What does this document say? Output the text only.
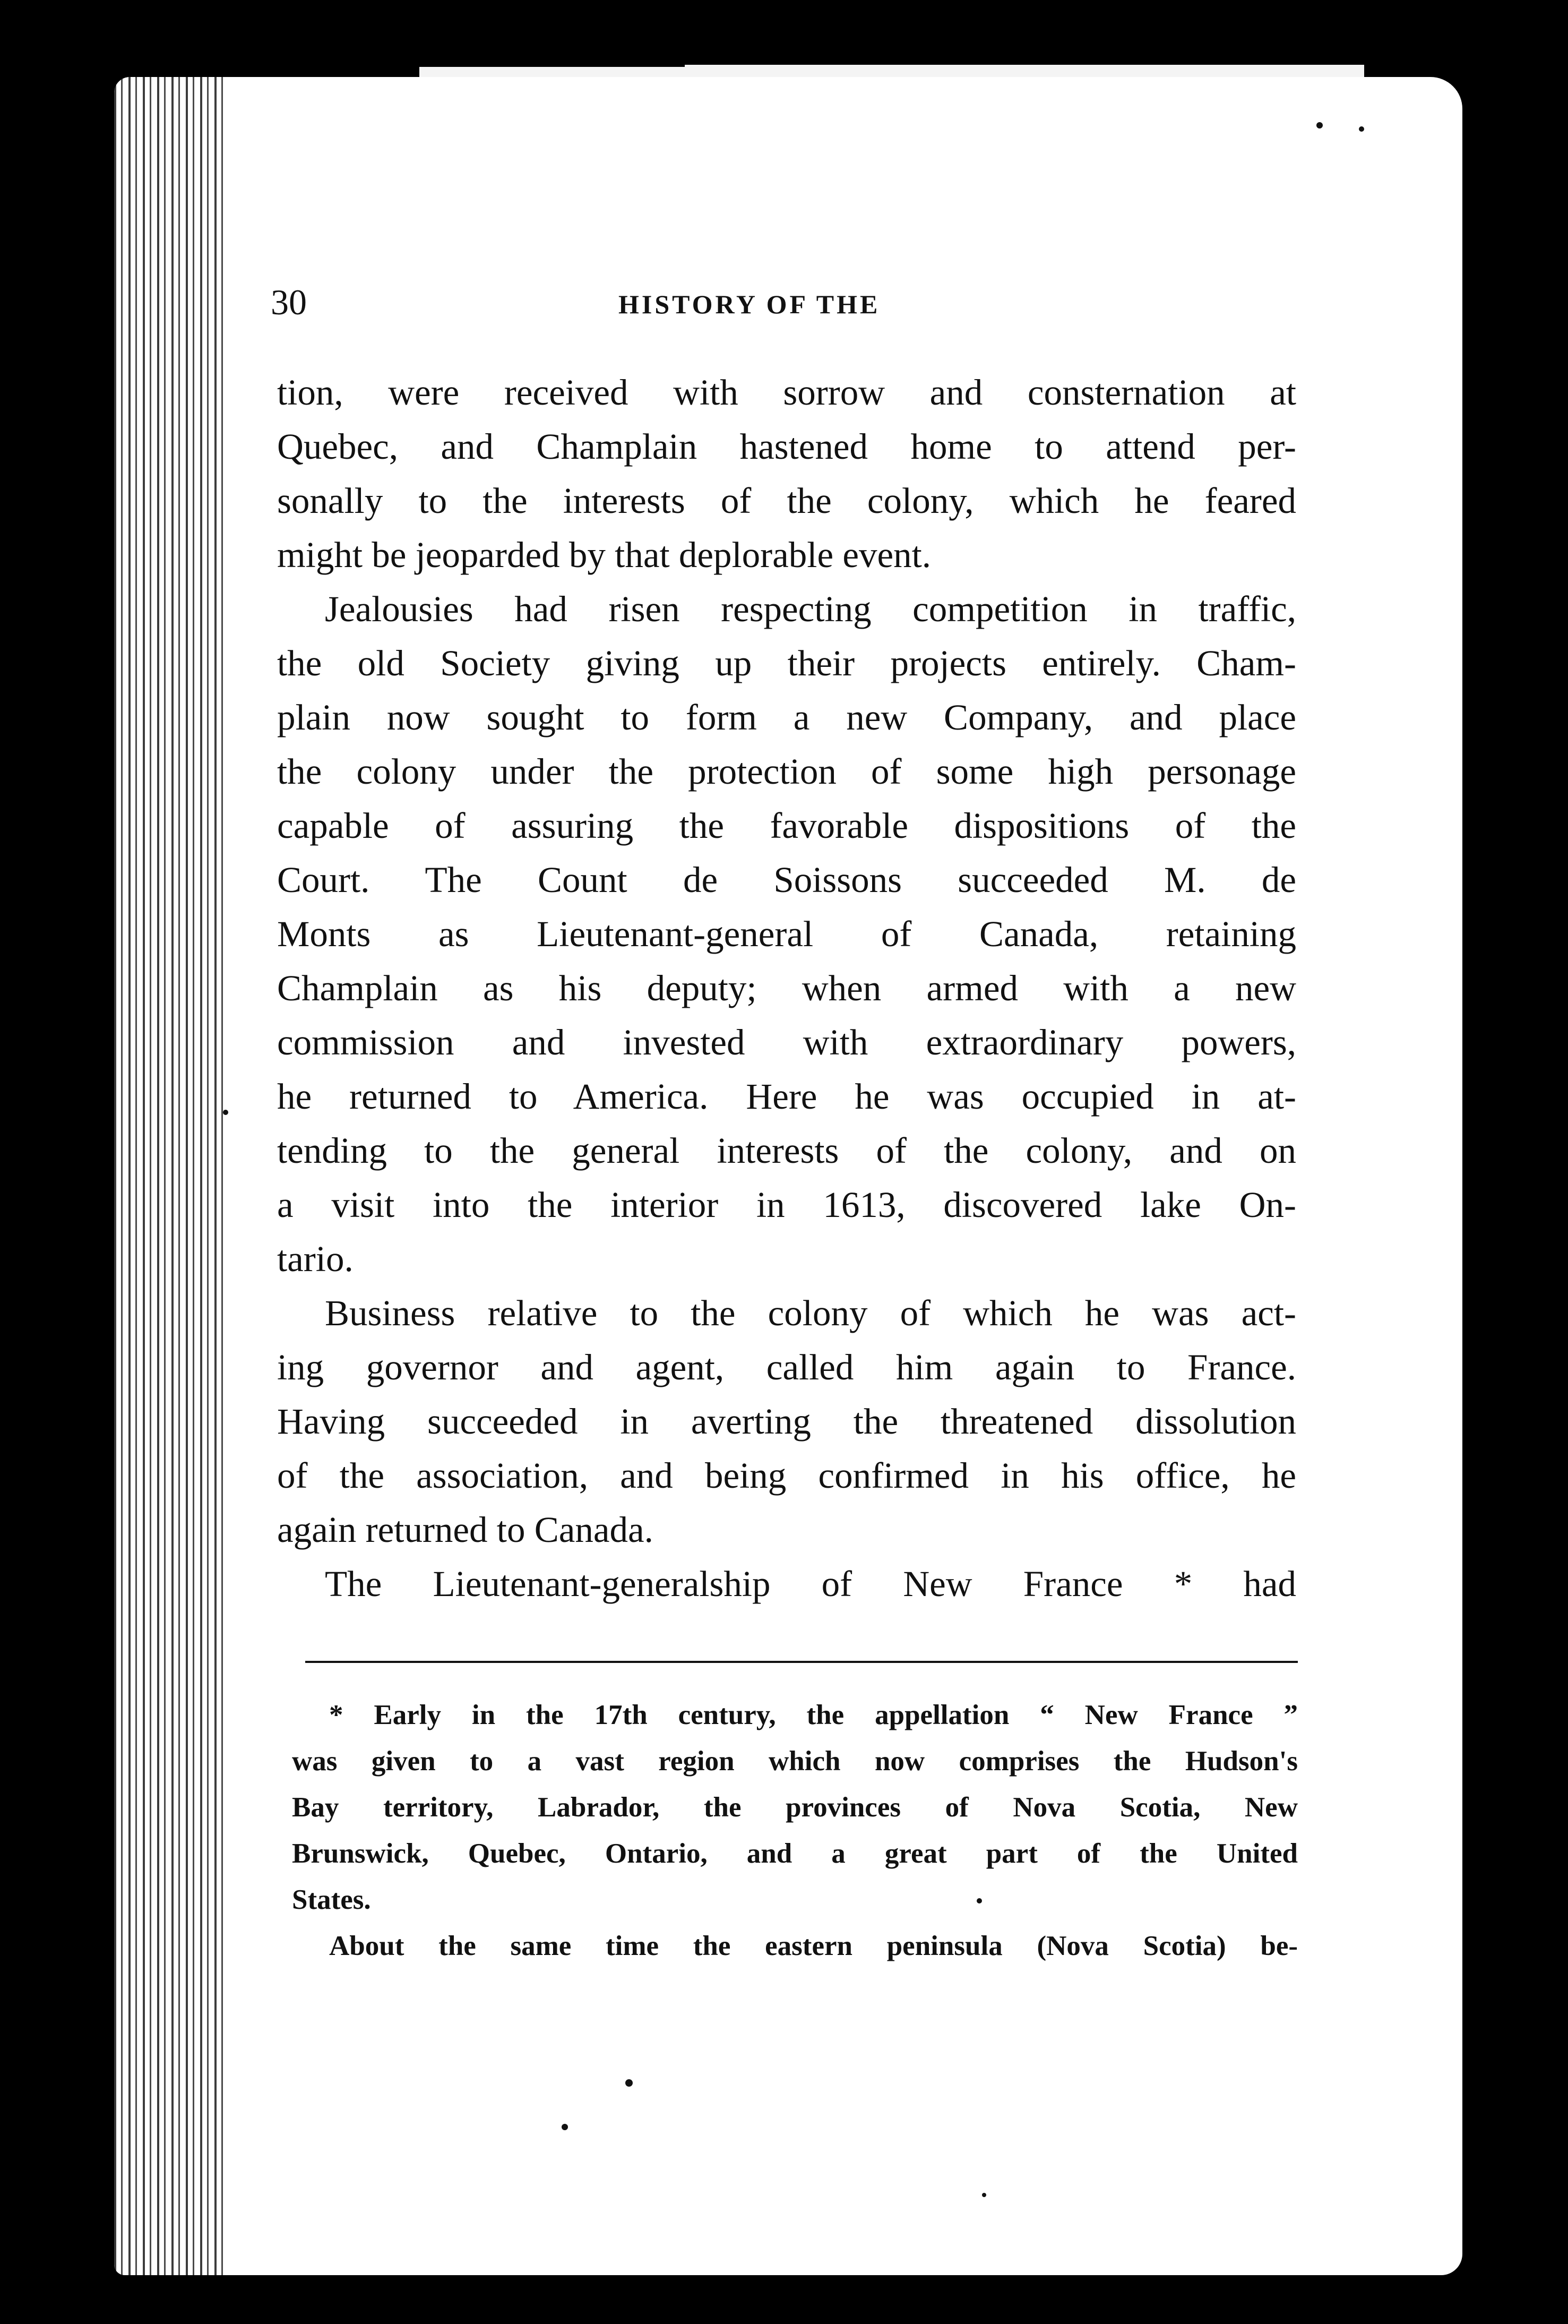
30	HISTORY OF THE
tion, were received with sorrow and consternation at
Quebec, and Champlain hastened home to attend per-
sonally to the interests of the colony, which he feared
might be jeoparded by that deplorable event.
Jealousies had risen respecting competition in traffic,
the old Society giving up their projects entirely. Cham-
plain now sought to form a new Company, and place
the colony under the protection of some high personage
capable of assuring the favorable dispositions of the
Court. The Count de Soissons succeeded M. de
Monts as Lieutenant-general of Canada, retaining
Champlain as his deputy; when armed with a new
commission and invested with extraordinary powers,
he returned to America. Here he was occupied in at-
tending to the general interests of the colony, and on
a visit into the interior in 1613, discovered lake On-
tario.
Business relative to the colony of which he was act-
ing governor and agent, called him again to France.
Having succeeded in averting the threatened dissolution
of the association, and being confirmed in his office, he
again returned to Canada.
The Lieutenant-generalship of New France * had
* Early in the 17th century, the appellation “ New France ”
was given to a vast region which now comprises the Hudson's
Bay territory, Labrador, the provinces of Nova Scotia, New
Brunswick, Quebec, Ontario, and a great part of the United
States.
About the same time the eastern peninsula (Nova Scotia) be-
